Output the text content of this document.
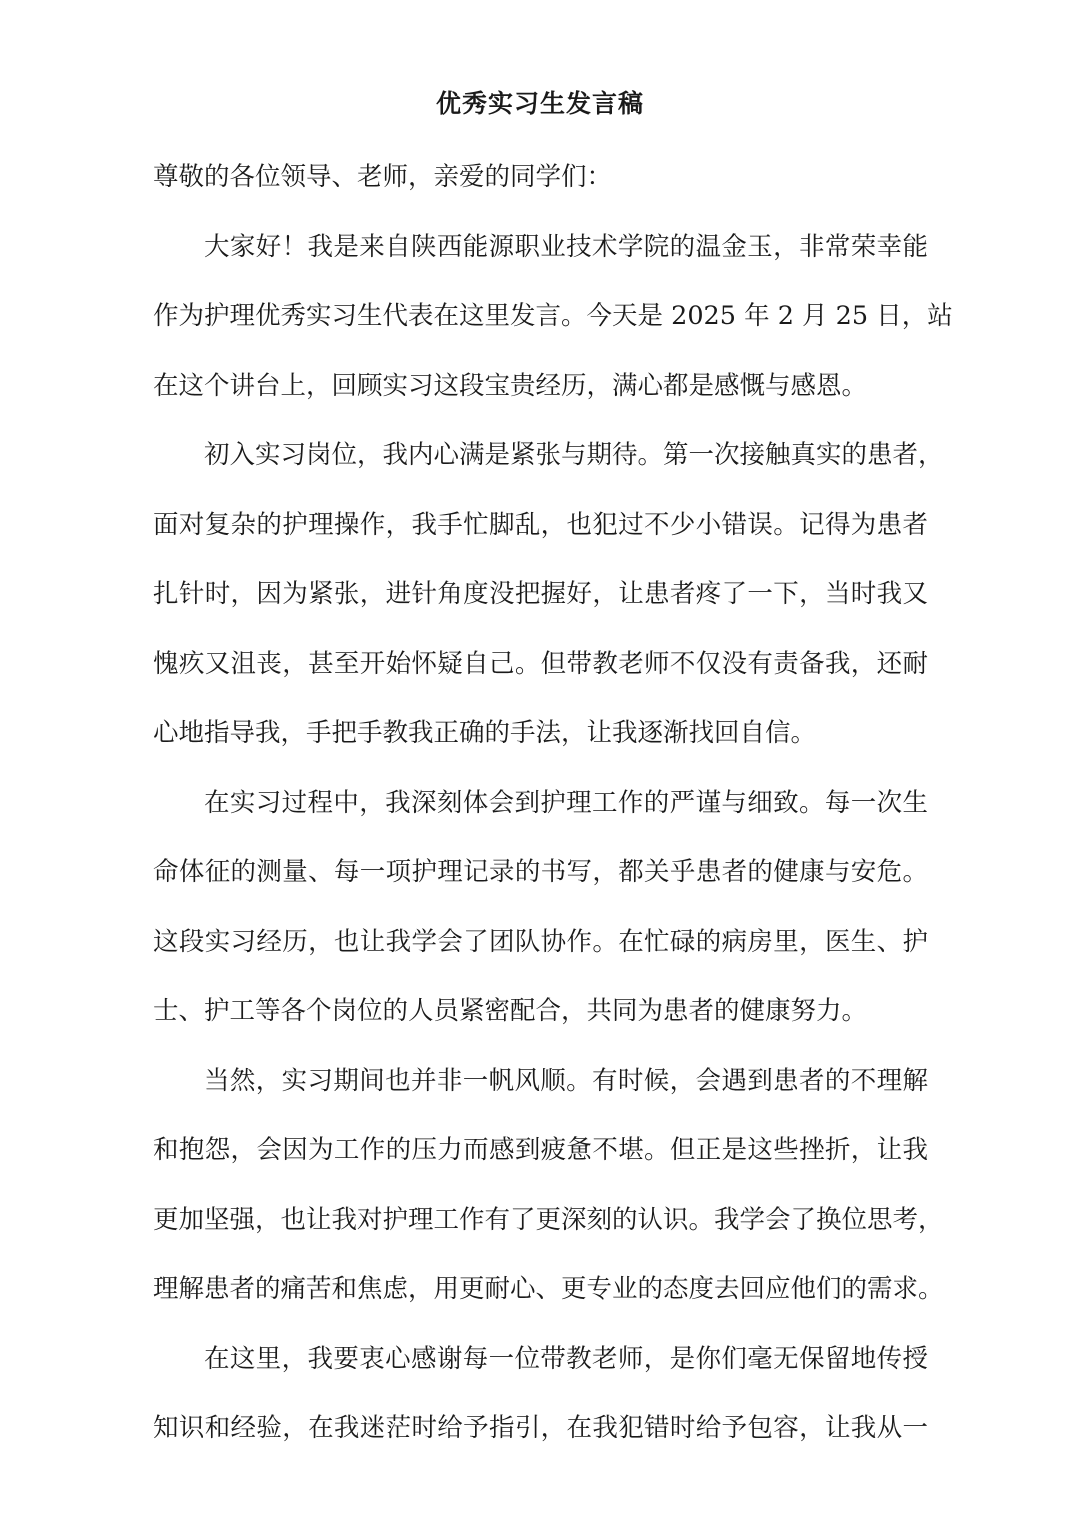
优秀实习生发言稿
尊敬的各位领导、老师，亲爱的同学们：
大家好！我是来自陕西能源职业技术学院的温金玉，非常荣幸能
作为护理优秀实习生代表在这里发言。今天是 2025 年 2 月 25 日，站
在这个讲台上，回顾实习这段宝贵经历，满心都是感慨与感恩。
初入实习岗位，我内心满是紧张与期待。第一次接触真实的患者，
面对复杂的护理操作，我手忙脚乱，也犯过不少小错误。记得为患者
扎针时，因为紧张，进针角度没把握好，让患者疼了一下，当时我又
愧疚又沮丧，甚至开始怀疑自己。但带教老师不仅没有责备我，还耐
心地指导我，手把手教我正确的手法，让我逐渐找回自信。
在实习过程中，我深刻体会到护理工作的严谨与细致。每一次生
命体征的测量、每一项护理记录的书写，都关乎患者的健康与安危。
这段实习经历，也让我学会了团队协作。在忙碌的病房里，医生、护
士、护工等各个岗位的人员紧密配合，共同为患者的健康努力。
当然，实习期间也并非一帆风顺。有时候，会遇到患者的不理解
和抱怨，会因为工作的压力而感到疲惫不堪。但正是这些挫折，让我
更加坚强，也让我对护理工作有了更深刻的认识。我学会了换位思考，
理解患者的痛苦和焦虑，用更耐心、更专业的态度去回应他们的需求。
在这里，我要衷心感谢每一位带教老师，是你们毫无保留地传授
知识和经验，在我迷茫时给予指引，在我犯错时给予包容，让我从一
